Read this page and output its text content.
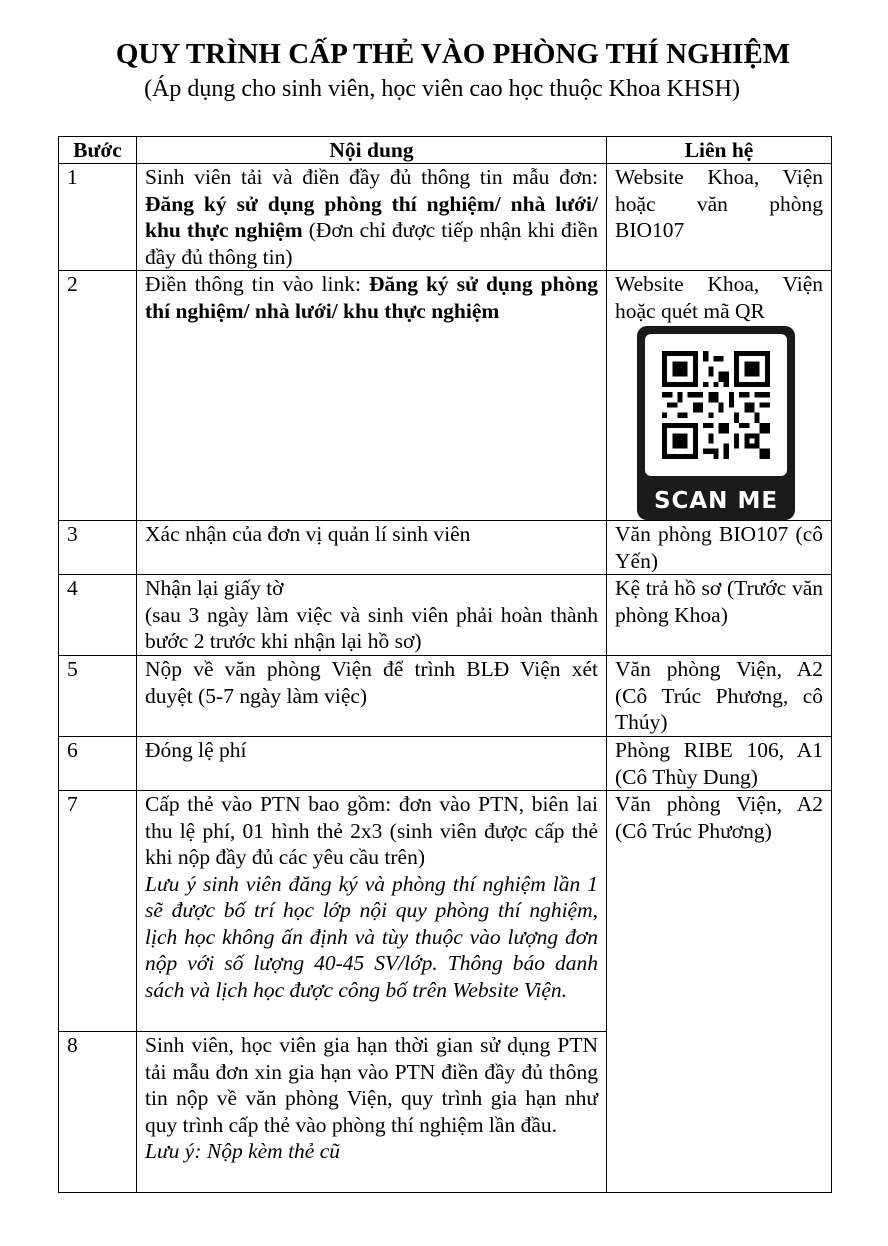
QUY TRÌNH CẤP THẺ VÀO PHÒNG THÍ NGHIỆM
(Áp dụng cho sinh viên, học viên cao học thuộc Khoa KHSH)
Bước	Nội dung	Liên hệ
1	Sinh viên tải và điền đầy đủ thông tin mẫu đơn: Đăng ký sử dụng phòng thí nghiệm/ nhà lưới/ khu thực nghiệm (Đơn chỉ được tiếp nhận khi điền đầy đủ thông tin)	Website Khoa, Viện hoặc văn phòng BIO107
2	Điền thông tin vào link: Đăng ký sử dụng phòng thí nghiệm/ nhà lưới/ khu thực nghiệm	Website Khoa, Viện hoặc quét mã QR
SCAN ME

3	Xác nhận của đơn vị quản lí sinh viên	Văn phòng BIO107 (cô Yến)
4	Nhận lại giấy tờ
(sau 3 ngày làm việc và sinh viên phải hoàn thành bước 2 trước khi nhận lại hồ sơ)	Kệ trả hồ sơ (Trước văn phòng Khoa)
5	Nộp về văn phòng Viện để trình BLĐ Viện xét duyệt (5-7 ngày làm việc)	Văn phòng Viện, A2 (Cô Trúc Phương, cô Thúy)
6	Đóng lệ phí	Phòng RIBE 106, A1 (Cô Thùy Dung)
7	Cấp thẻ vào PTN bao gồm: đơn vào PTN, biên lai thu lệ phí, 01 hình thẻ 2x3 (sinh viên được cấp thẻ khi nộp đầy đủ các yêu cầu trên)
Lưu ý sinh viên đăng ký và phòng thí nghiệm lần 1 sẽ được bố trí học lớp nội quy phòng thí nghiệm, lịch học không ấn định và tùy thuộc vào lượng đơn nộp với số lượng 40-45 SV/lớp. Thông báo danh sách và lịch học được công bố trên Website Viện.	Văn phòng Viện, A2 (Cô Trúc Phương)
8	Sinh viên, học viên gia hạn thời gian sử dụng PTN tải mẫu đơn xin gia hạn vào PTN điền đầy đủ thông tin nộp về văn phòng Viện, quy trình gia hạn như quy trình cấp thẻ vào phòng thí nghiệm lần đầu.
Lưu ý: Nộp kèm thẻ cũ	
